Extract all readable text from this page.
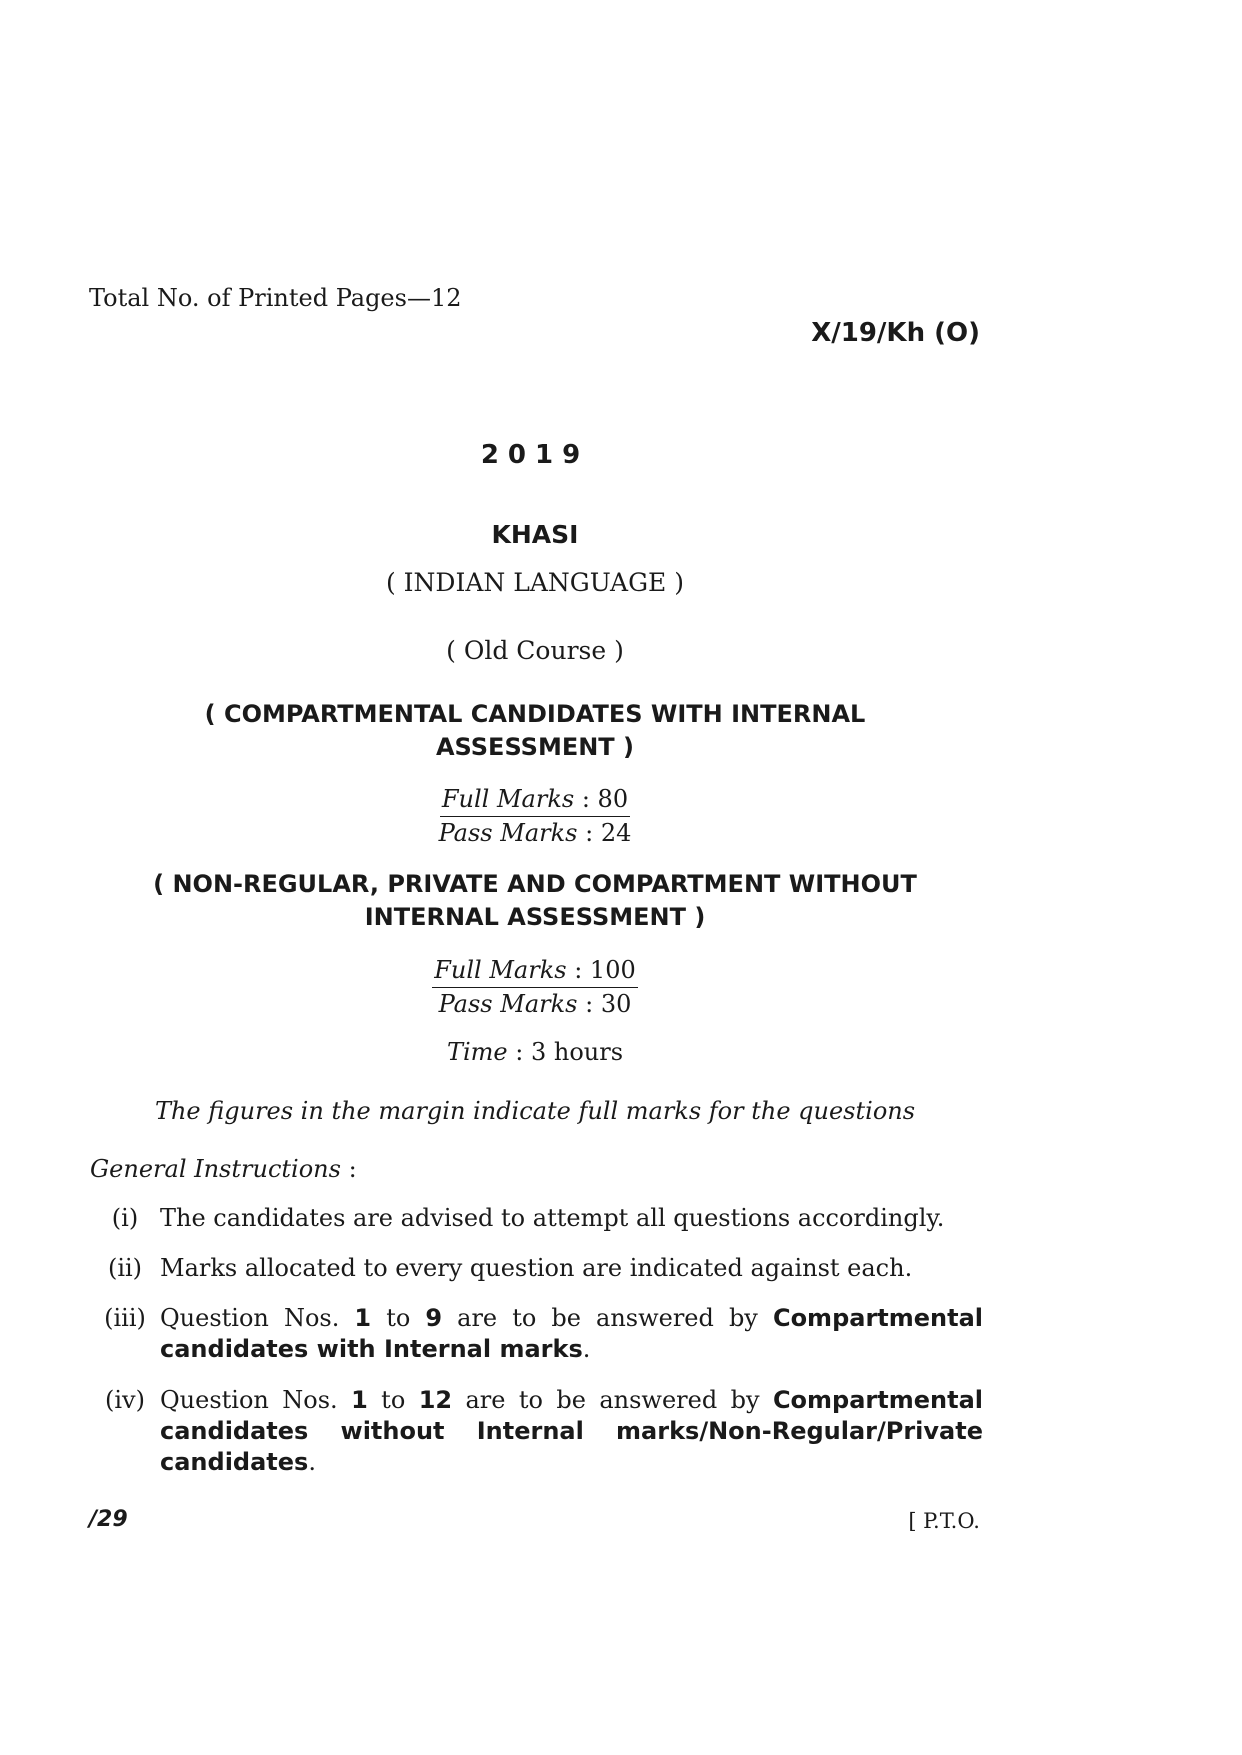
Total No. of Printed Pages—12
X/19/Kh (O)
2019
KHASI
( INDIAN LANGUAGE )
( Old Course )
( COMPARTMENTAL CANDIDATES WITH INTERNAL
ASSESSMENT )
Full Marks : 80
Pass Marks : 24
( NON-REGULAR, PRIVATE AND COMPARTMENT WITHOUT
INTERNAL ASSESSMENT )
Full Marks : 100
Pass Marks : 30
Time : 3 hours
The figures in the margin indicate full marks for the questions
General Instructions :
(i) The candidates are advised to attempt all questions accordingly.
(ii) Marks allocated to every question are indicated against each.
(iii) Question Nos. 1 to 9 are to be answered by Compartmental
candidates with Internal marks.
(iv) Question Nos. 1 to 12 are to be answered by Compartmental
candidates without Internal marks/Non-Regular/Private
candidates.
/29	[ P.T.O.
